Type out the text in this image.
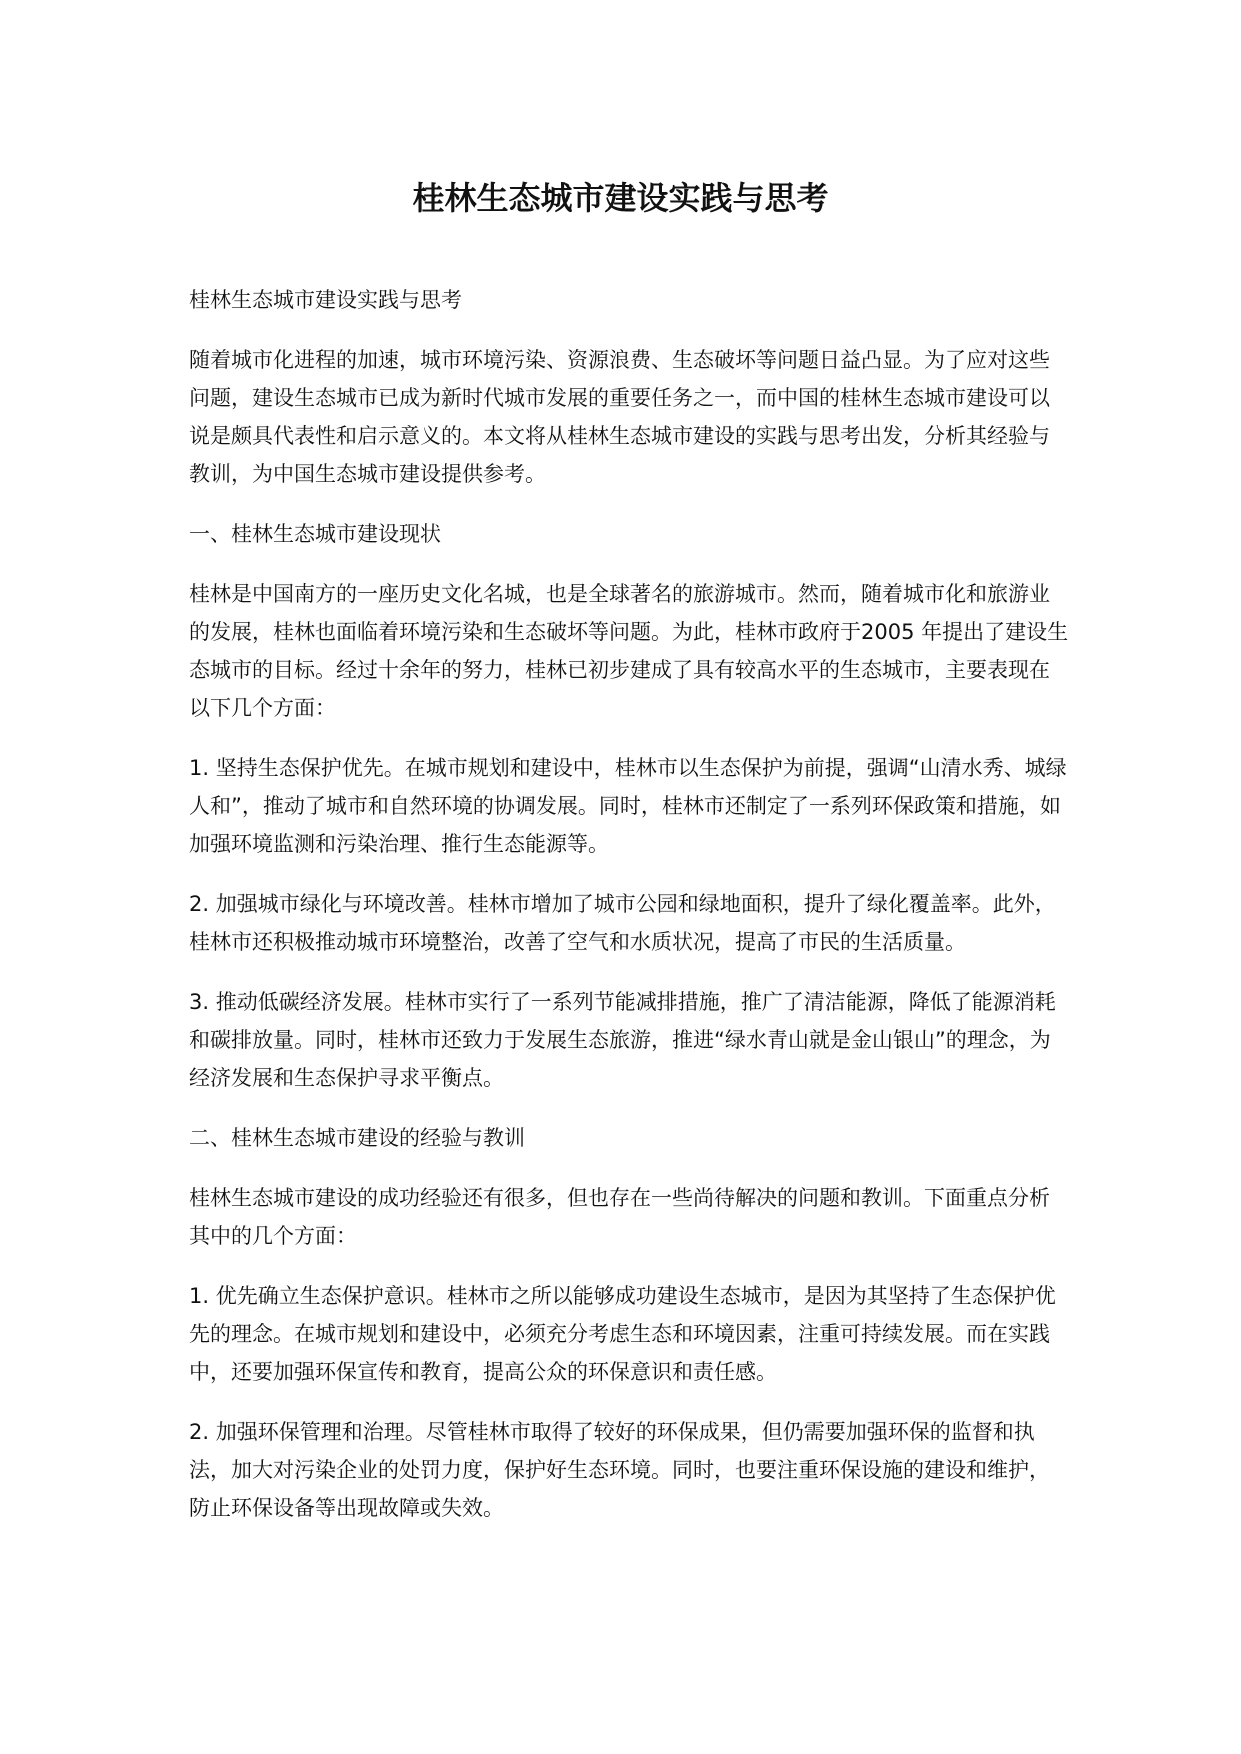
桂林生态城市建设实践与思考

桂林生态城市建设实践与思考

随着城市化进程的加速，城市环境污染、资源浪费、生态破坏等问题日益凸显。为了应对这些问题，建设生态城市已成为新时代城市发展的重要任务之一，而中国的桂林生态城市建设可以说是颇具代表性和启示意义的。本文将从桂林生态城市建设的实践与思考出发，分析其经验与教训，为中国生态城市建设提供参考。

一、桂林生态城市建设现状

桂林是中国南方的一座历史文化名城，也是全球著名的旅游城市。然而，随着城市化和旅游业的发展，桂林也面临着环境污染和生态破坏等问题。为此，桂林市政府于2005 年提出了建设生态城市的目标。经过十余年的努力，桂林已初步建成了具有较高水平的生态城市，主要表现在以下几个方面：

1. 坚持生态保护优先。在城市规划和建设中，桂林市以生态保护为前提，强调“山清水秀、城绿人和”，推动了城市和自然环境的协调发展。同时，桂林市还制定了一系列环保政策和措施，如加强环境监测和污染治理、推行生态能源等。

2. 加强城市绿化与环境改善。桂林市增加了城市公园和绿地面积，提升了绿化覆盖率。此外，桂林市还积极推动城市环境整治，改善了空气和水质状况，提高了市民的生活质量。

3. 推动低碳经济发展。桂林市实行了一系列节能减排措施，推广了清洁能源，降低了能源消耗和碳排放量。同时，桂林市还致力于发展生态旅游，推进“绿水青山就是金山银山”的理念，为经济发展和生态保护寻求平衡点。

二、桂林生态城市建设的经验与教训

桂林生态城市建设的成功经验还有很多，但也存在一些尚待解决的问题和教训。下面重点分析其中的几个方面：

1. 优先确立生态保护意识。桂林市之所以能够成功建设生态城市，是因为其坚持了生态保护优先的理念。在城市规划和建设中，必须充分考虑生态和环境因素，注重可持续发展。而在实践中，还要加强环保宣传和教育，提高公众的环保意识和责任感。

2. 加强环保管理和治理。尽管桂林市取得了较好的环保成果，但仍需要加强环保的监督和执法，加大对污染企业的处罚力度，保护好生态环境。同时，也要注重环保设施的建设和维护，防止环保设备等出现故障或失效。
